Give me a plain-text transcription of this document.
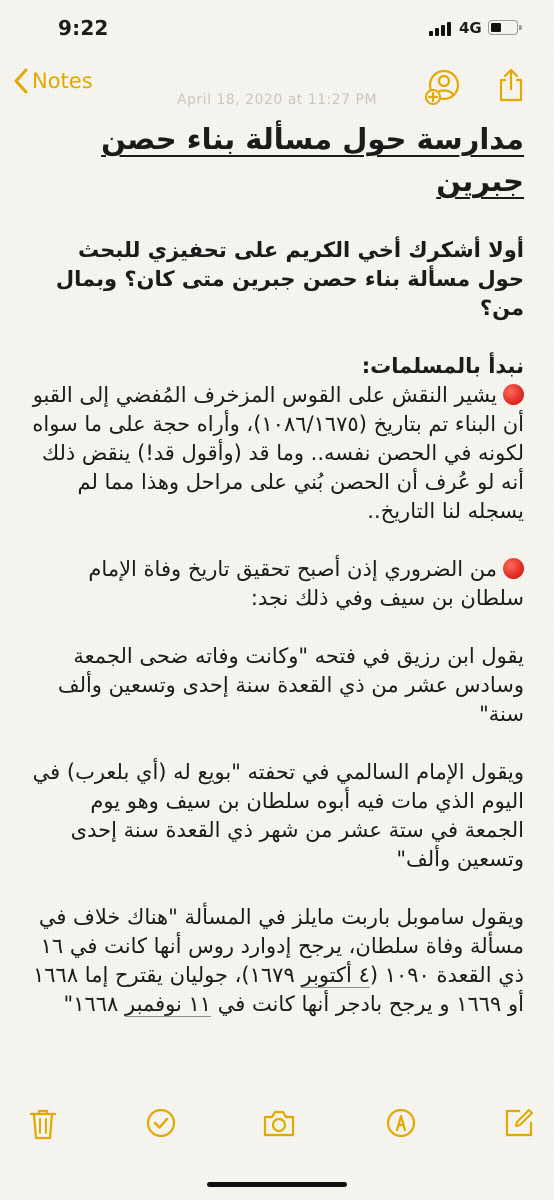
9:22	4G
April 18, 2020 at 11:27 PM
Notes
مدارسة حول مسألة بناء حصن جبرين

أولا أشكرك أخي الكريم على تحفيزي للبحث حول مسألة بناء حصن جبرين متى كان؟ وبمال من؟

نبدأ بالمسلمات:

يشير النقش على القوس المزخرف المُفضي إلى القبو أن البناء تم بتاريخ (١٠٨٦/١٦٧٥)، وأراه حجة على ما سواه لكونه في الحصن نفسه.. وما قد (وأقول قد!) ينقض ذلك أنه لو عُرف أن الحصن بُني على مراحل وهذا مما لم يسجله لنا التاريخ..

من الضروري إذن أصبح تحقيق تاريخ وفاة الإمام سلطان بن سيف وفي ذلك نجد:

يقول ابن رزيق في فتحه "وكانت وفاته ضحى الجمعة وسادس عشر من ذي القعدة سنة إحدى وتسعين وألف سنة"

ويقول الإمام السالمي في تحفته "بويع له (أي بلعرب) في اليوم الذي مات فيه أبوه سلطان بن سيف وهو يوم الجمعة في ستة عشر من شهر ذي القعدة سنة إحدى وتسعين وألف"

ويقول ساموبل باربت مايلز في المسألة "هناك خلاف في مسألة وفاة سلطان، يرجح إدوارد روس أنها كانت في ١٦ ذي القعدة ١٠٩٠ (٤ أكتوبر ١٦٧٩)، جوليان يقترح إما ١٦٦٨ أو ١٦٦٩ و يرجح بادجر أنها كانت في ١١ نوفمبر ١٦٦٨"
